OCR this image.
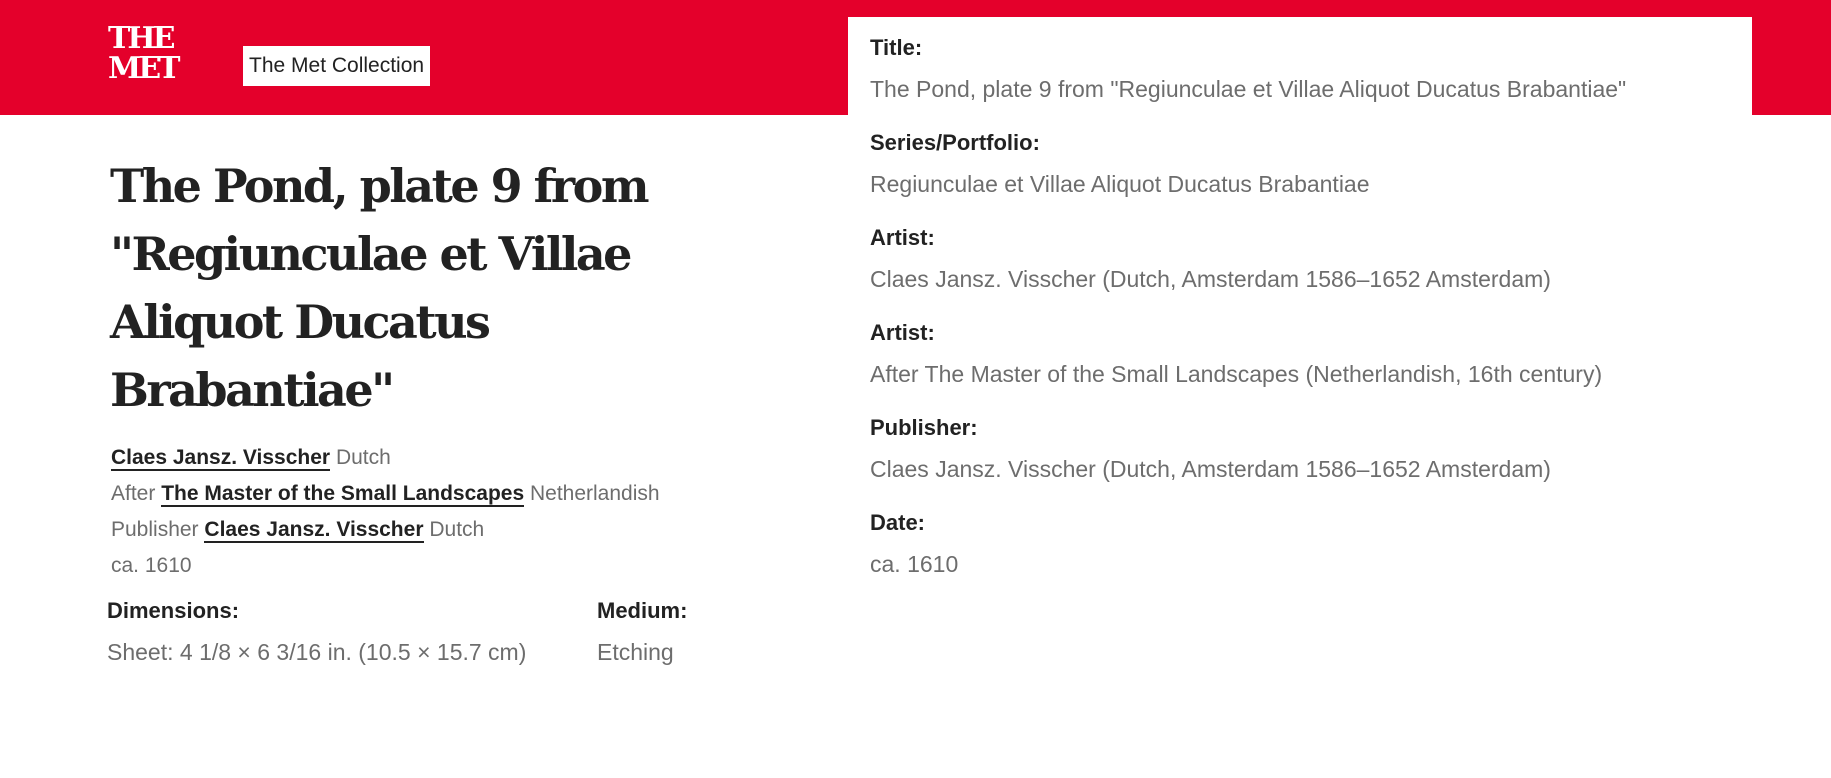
THE
MET	The Met Collection
The Pond, plate 9 from "Regiunculae et Villae Aliquot Ducatus Brabantiae"
Claes Jansz. Visscher Dutch
After The Master of the Small Landscapes Netherlandish
Publisher Claes Jansz. Visscher Dutch
ca. 1610
Dimensions:
Sheet: 4 1/8 × 6 3/16 in. (10.5 × 15.7 cm)
Medium:
Etching
Title:
The Pond, plate 9 from "Regiunculae et Villae Aliquot Ducatus Brabantiae"
Series/Portfolio:
Regiunculae et Villae Aliquot Ducatus Brabantiae
Artist:
Claes Jansz. Visscher (Dutch, Amsterdam 1586–1652 Amsterdam)
Artist:
After The Master of the Small Landscapes (Netherlandish, 16th century)
Publisher:
Claes Jansz. Visscher (Dutch, Amsterdam 1586–1652 Amsterdam)
Date:
ca. 1610
